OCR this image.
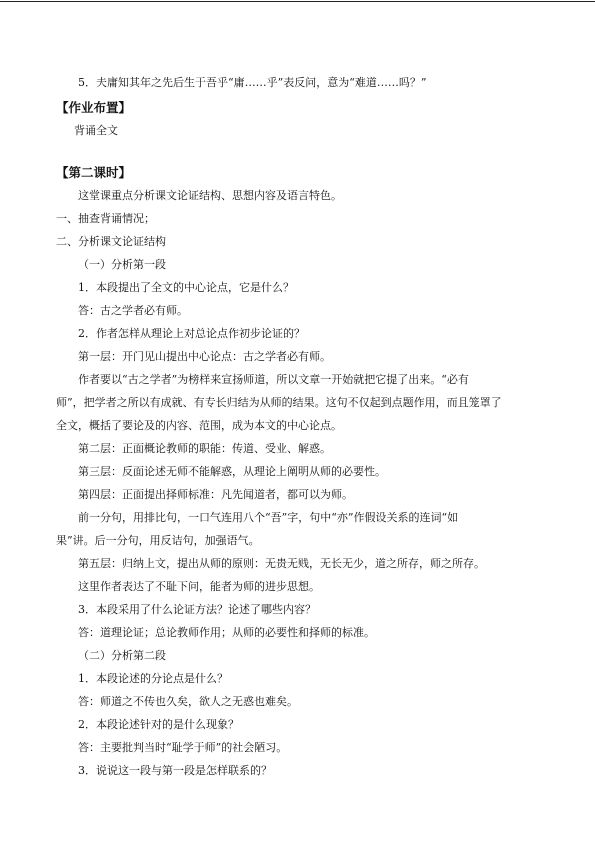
5．夫庸知其年之先后生于吾乎“庸……乎”表反问，意为“难道……吗？”
【作业布置】
背诵全文
【第二课时】
这堂课重点分析课文论证结构、思想内容及语言特色。
一、抽查背诵情况；
二、分析课文论证结构
（一）分析第一段
1．本段提出了全文的中心论点，它是什么？
答：古之学者必有师。
2．作者怎样从理论上对总论点作初步论证的？
第一层：开门见山提出中心论点：古之学者必有师。
作者要以“古之学者”为榜样来宣扬师道，所以文章一开始就把它提了出来。“必有
师”，把学者之所以有成就、有专长归结为从师的结果。这句不仅起到点题作用，而且笼罩了
全文，概括了要论及的内容、范围，成为本文的中心论点。
第二层：正面概论教师的职能：传道、受业、解惑。
第三层：反面论述无师不能解惑，从理论上阐明从师的必要性。
第四层：正面提出择师标准：凡先闻道者，都可以为师。
前一分句，用排比句，一口气连用八个“吾”字，句中“亦”作假设关系的连词“如
果”讲。后一分句，用反诘句，加强语气。
第五层：归纳上文，提出从师的原则：无贵无贱，无长无少，道之所存，师之所存。
这里作者表达了不耻下问，能者为师的进步思想。
3．本段采用了什么论证方法？论述了哪些内容？
答：道理论证；总论教师作用；从师的必要性和择师的标准。
（二）分析第二段
1．本段论述的分论点是什么？
答：师道之不传也久矣，欲人之无惑也难矣。
2．本段论述针对的是什么现象？
答：主要批判当时“耻学于师”的社会陋习。
3．说说这一段与第一段是怎样联系的？
